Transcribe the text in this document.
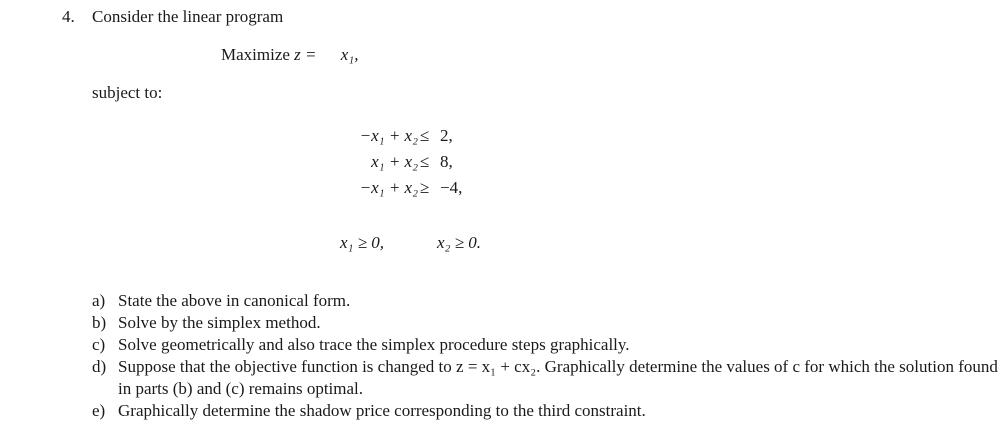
4. Consider the linear program
Maximize z = x₁,
subject to:
−x₁ + x₂ ≤ 2,
x₁ + x₂ ≤ 8,
−x₁ + x₂ ≥ −4,
x₁ ≥ 0,	x₂ ≥ 0.
a) State the above in canonical form.
b) Solve by the simplex method.
c) Solve geometrically and also trace the simplex procedure steps graphically.
d) Suppose that the objective function is changed to z = x₁ + cx₂. Graphically determine the values of c for which the solution found in parts (b) and (c) remains optimal.
e) Graphically determine the shadow price corresponding to the third constraint.
